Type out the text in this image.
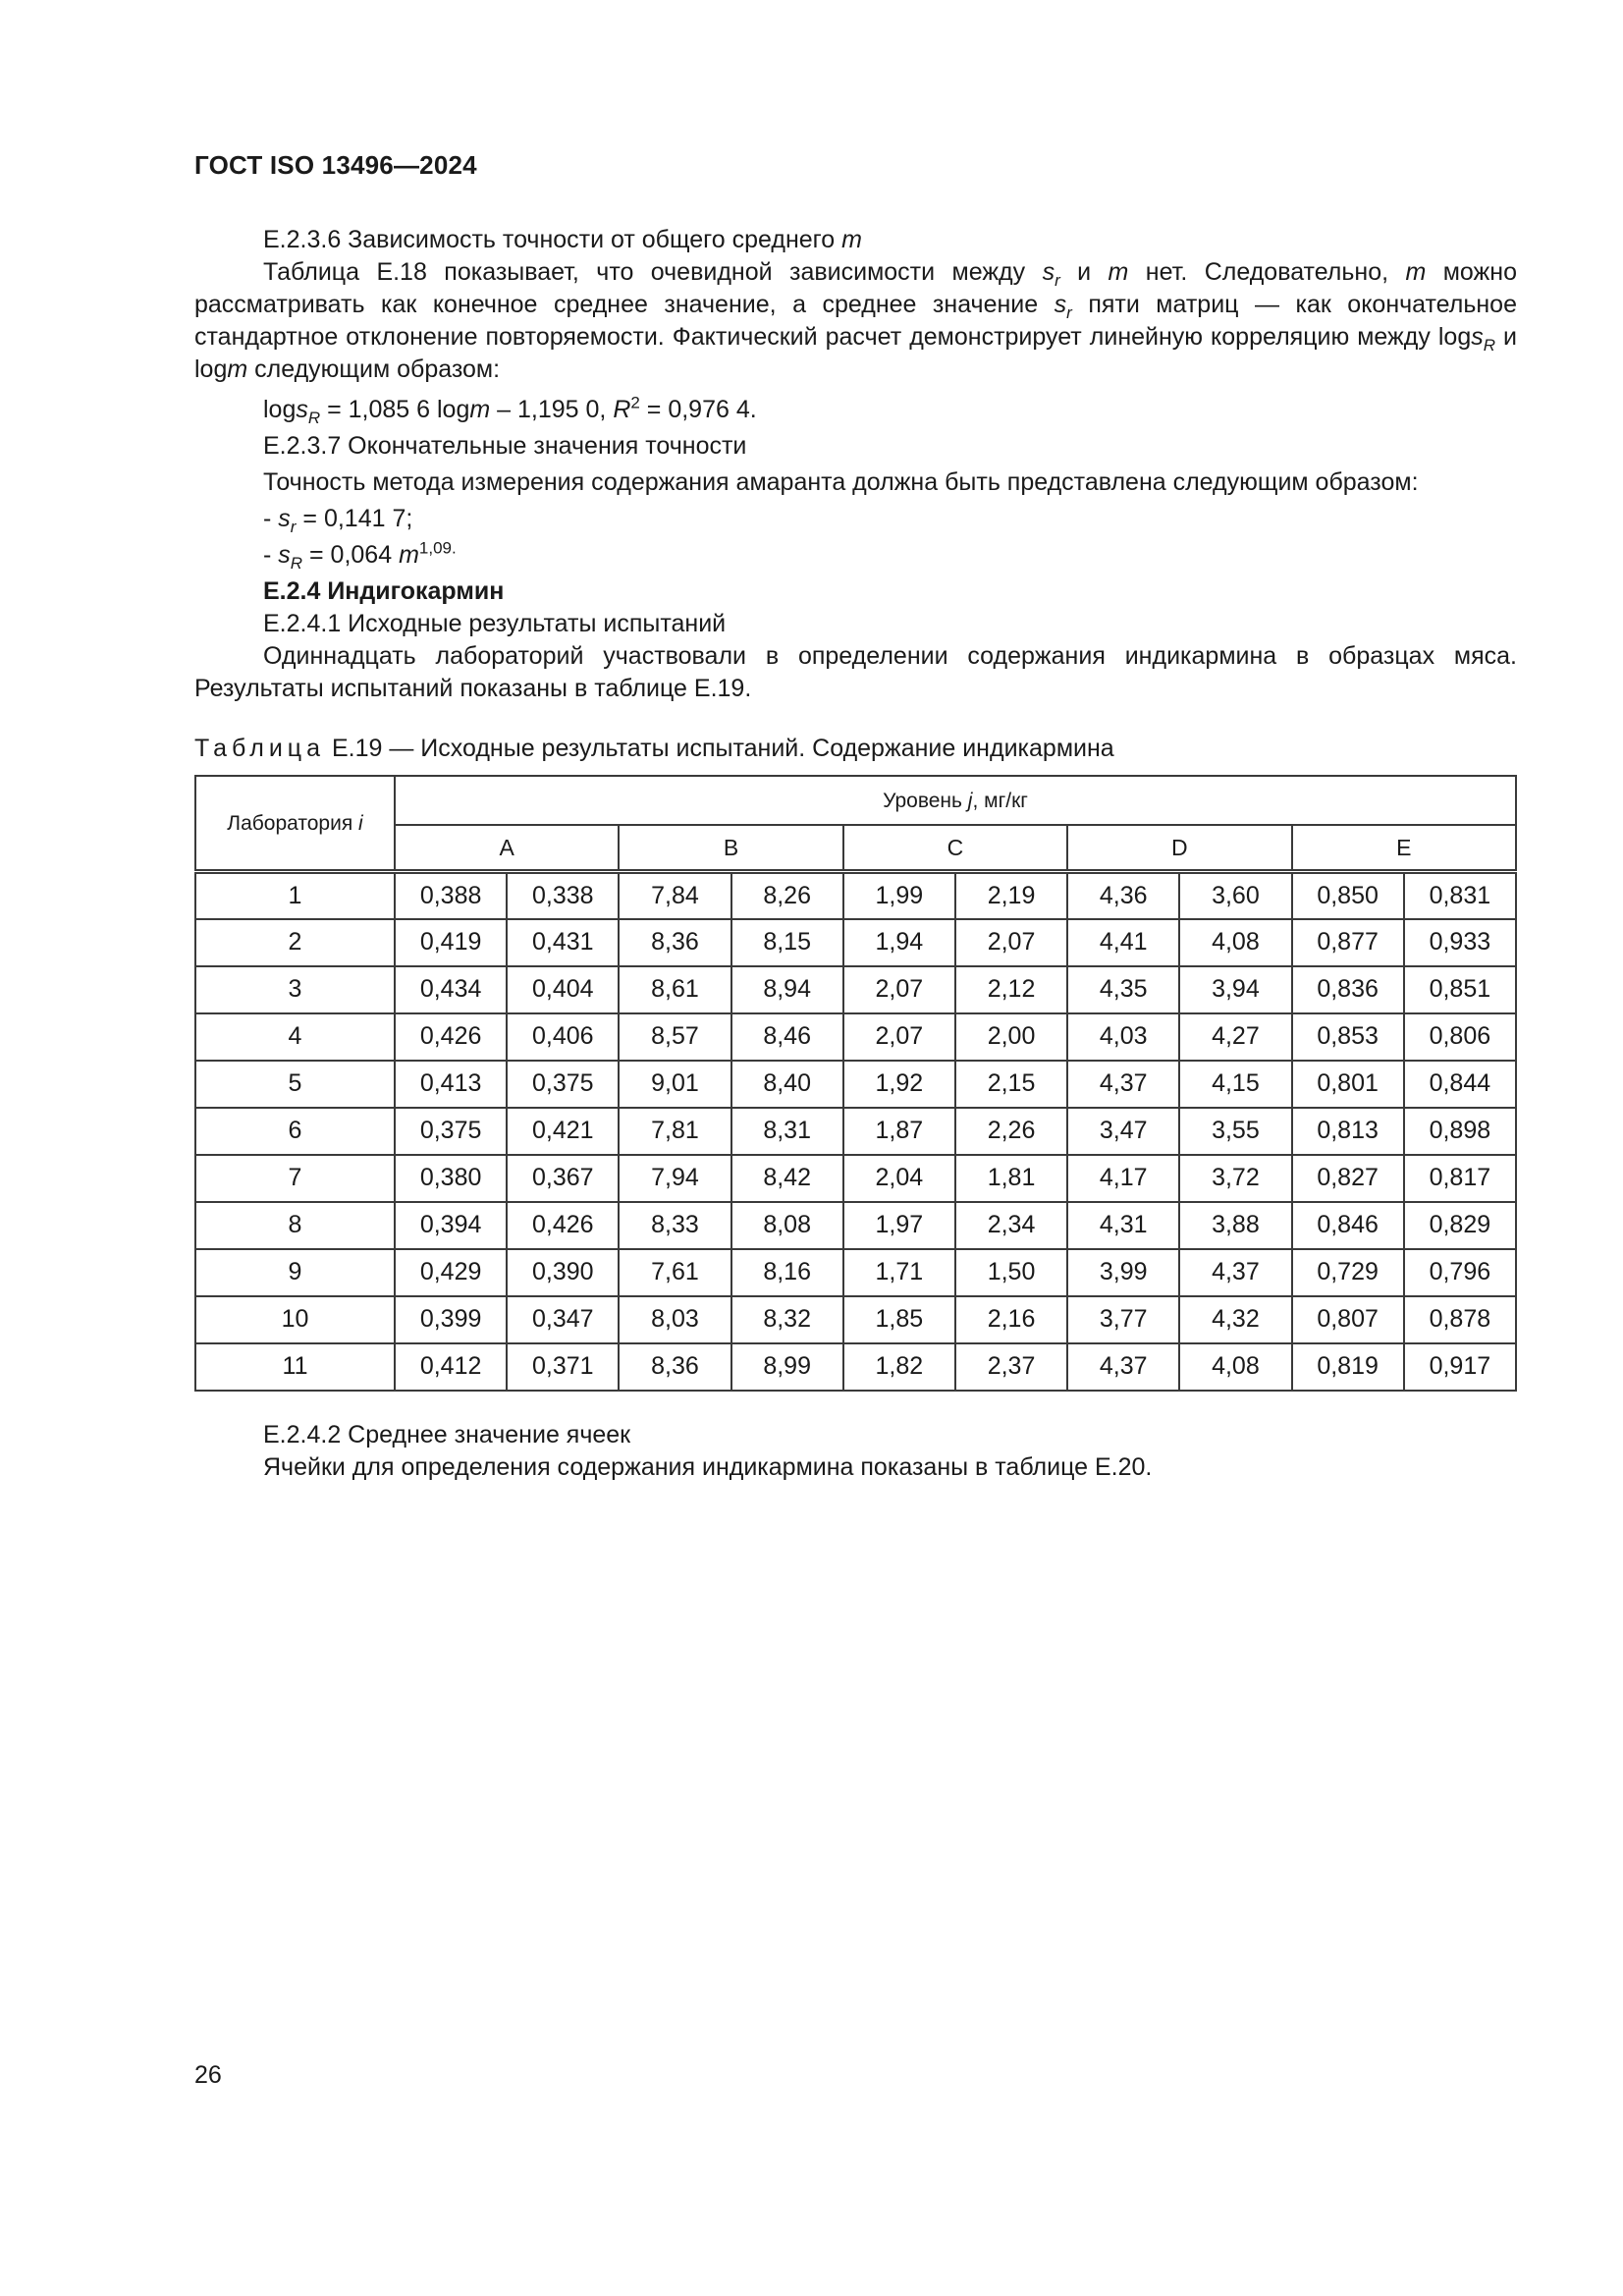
ГОСТ ISO 13496—2024

Е.2.3.6 Зависимость точности от общего среднего m

Таблица Е.18 показывает, что очевидной зависимости между $s_r$ и m нет. Следовательно, m можно рассматривать как конечное среднее значение, а среднее значение $s_r$ пяти матриц — как окончательное стандартное отклонение повторяемости. Фактический расчет демонстрирует линейную корреляцию между logs$_R$ и logm следующим образом:

logs$_R$ = 1,085 6 logm – 1,195 0, $R^2 = 0,976$ 4.

Е.2.3.7 Окончательные значения точности

Точность метода измерения содержания амаранта должна быть представлена следующим образом:

- $s_r = 0,141$ 7;

- $s_R = 0,064$ $m^{1,09.}$

Е.2.4 Индигокармин

Е.2.4.1 Исходные результаты испытаний

Одиннадцать лабораторий участвовали в определении содержания индикармина в образцах мяса. Результаты испытаний показаны в таблице Е.19.

Таблица Е.19 — Исходные результаты испытаний. Содержание индикармина

Лаборатория i	Уровень j, мг/кг									
	A		B		C		D		E	
1	0,388	0,338	7,84	8,26	1,99	2,19	4,36	3,60	0,850	0,831
2	0,419	0,431	8,36	8,15	1,94	2,07	4,41	4,08	0,877	0,933
3	0,434	0,404	8,61	8,94	2,07	2,12	4,35	3,94	0,836	0,851
4	0,426	0,406	8,57	8,46	2,07	2,00	4,03	4,27	0,853	0,806
5	0,413	0,375	9,01	8,40	1,92	2,15	4,37	4,15	0,801	0,844
6	0,375	0,421	7,81	8,31	1,87	2,26	3,47	3,55	0,813	0,898
7	0,380	0,367	7,94	8,42	2,04	1,81	4,17	3,72	0,827	0,817
8	0,394	0,426	8,33	8,08	1,97	2,34	4,31	3,88	0,846	0,829
9	0,429	0,390	7,61	8,16	1,71	1,50	3,99	4,37	0,729	0,796
10	0,399	0,347	8,03	8,32	1,85	2,16	3,77	4,32	0,807	0,878
11	0,412	0,371	8,36	8,99	1,82	2,37	4,37	4,08	0,819	0,917

Е.2.4.2 Среднее значение ячеек

Ячейки для определения содержания индикармина показаны в таблице Е.20.

26
